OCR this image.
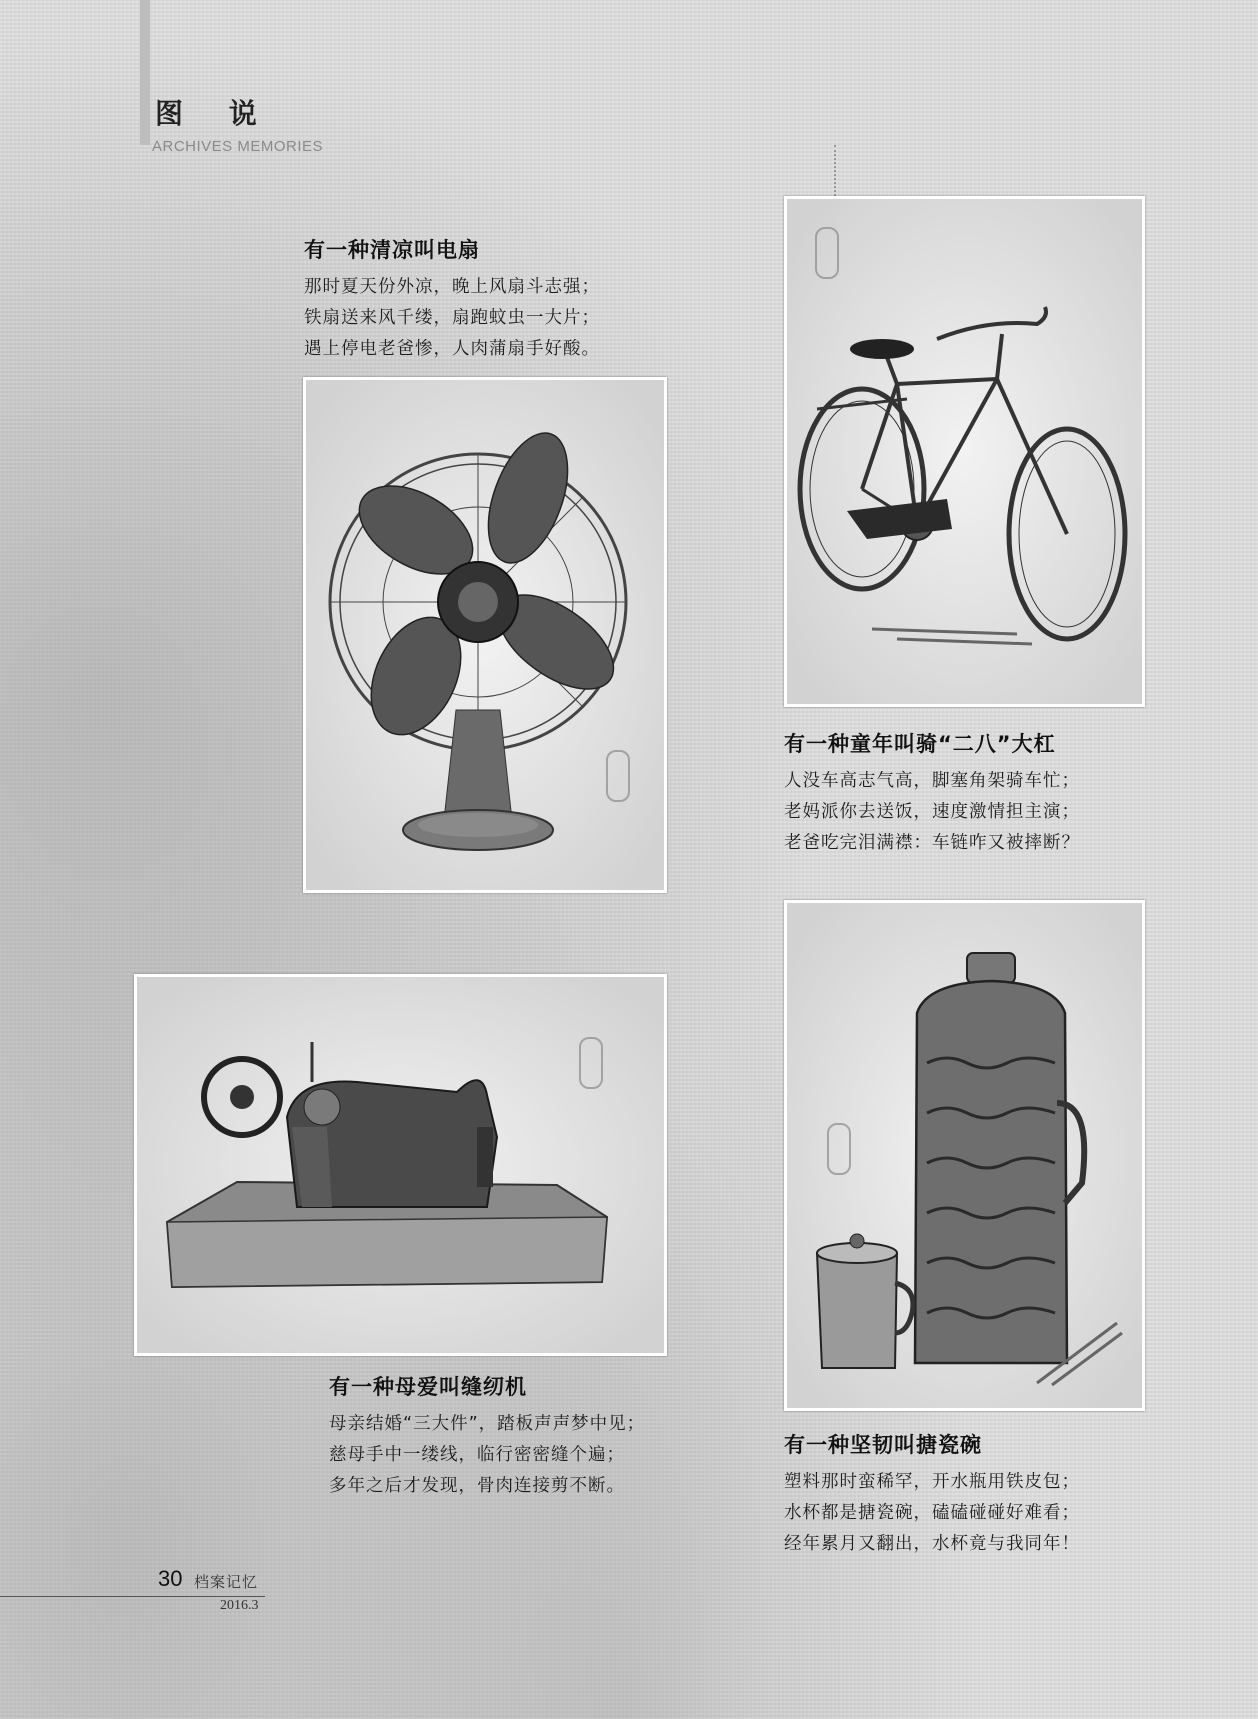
图 说
ARCHIVES MEMORIES
有一种清凉叫电扇

那时夏天份外凉，晚上风扇斗志强；

铁扇送来风千缕，扇跑蚊虫一大片；

遇上停电老爸惨，人肉蒲扇手好酸。

有一种童年叫骑“二八”大杠

人没车高志气高，脚塞角架骑车忙；

老妈派你去送饭，速度激情担主演；

老爸吃完泪满襟：车链咋又被摔断？

有一种母爱叫缝纫机

母亲结婚“三大件”，踏板声声梦中见；

慈母手中一缕线，临行密密缝个遍；

多年之后才发现，骨肉连接剪不断。

有一种坚韧叫搪瓷碗

塑料那时蛮稀罕，开水瓶用铁皮包；

水杯都是搪瓷碗，磕磕碰碰好难看；

经年累月又翻出，水杯竟与我同年！

30 档案记忆
2016.3
